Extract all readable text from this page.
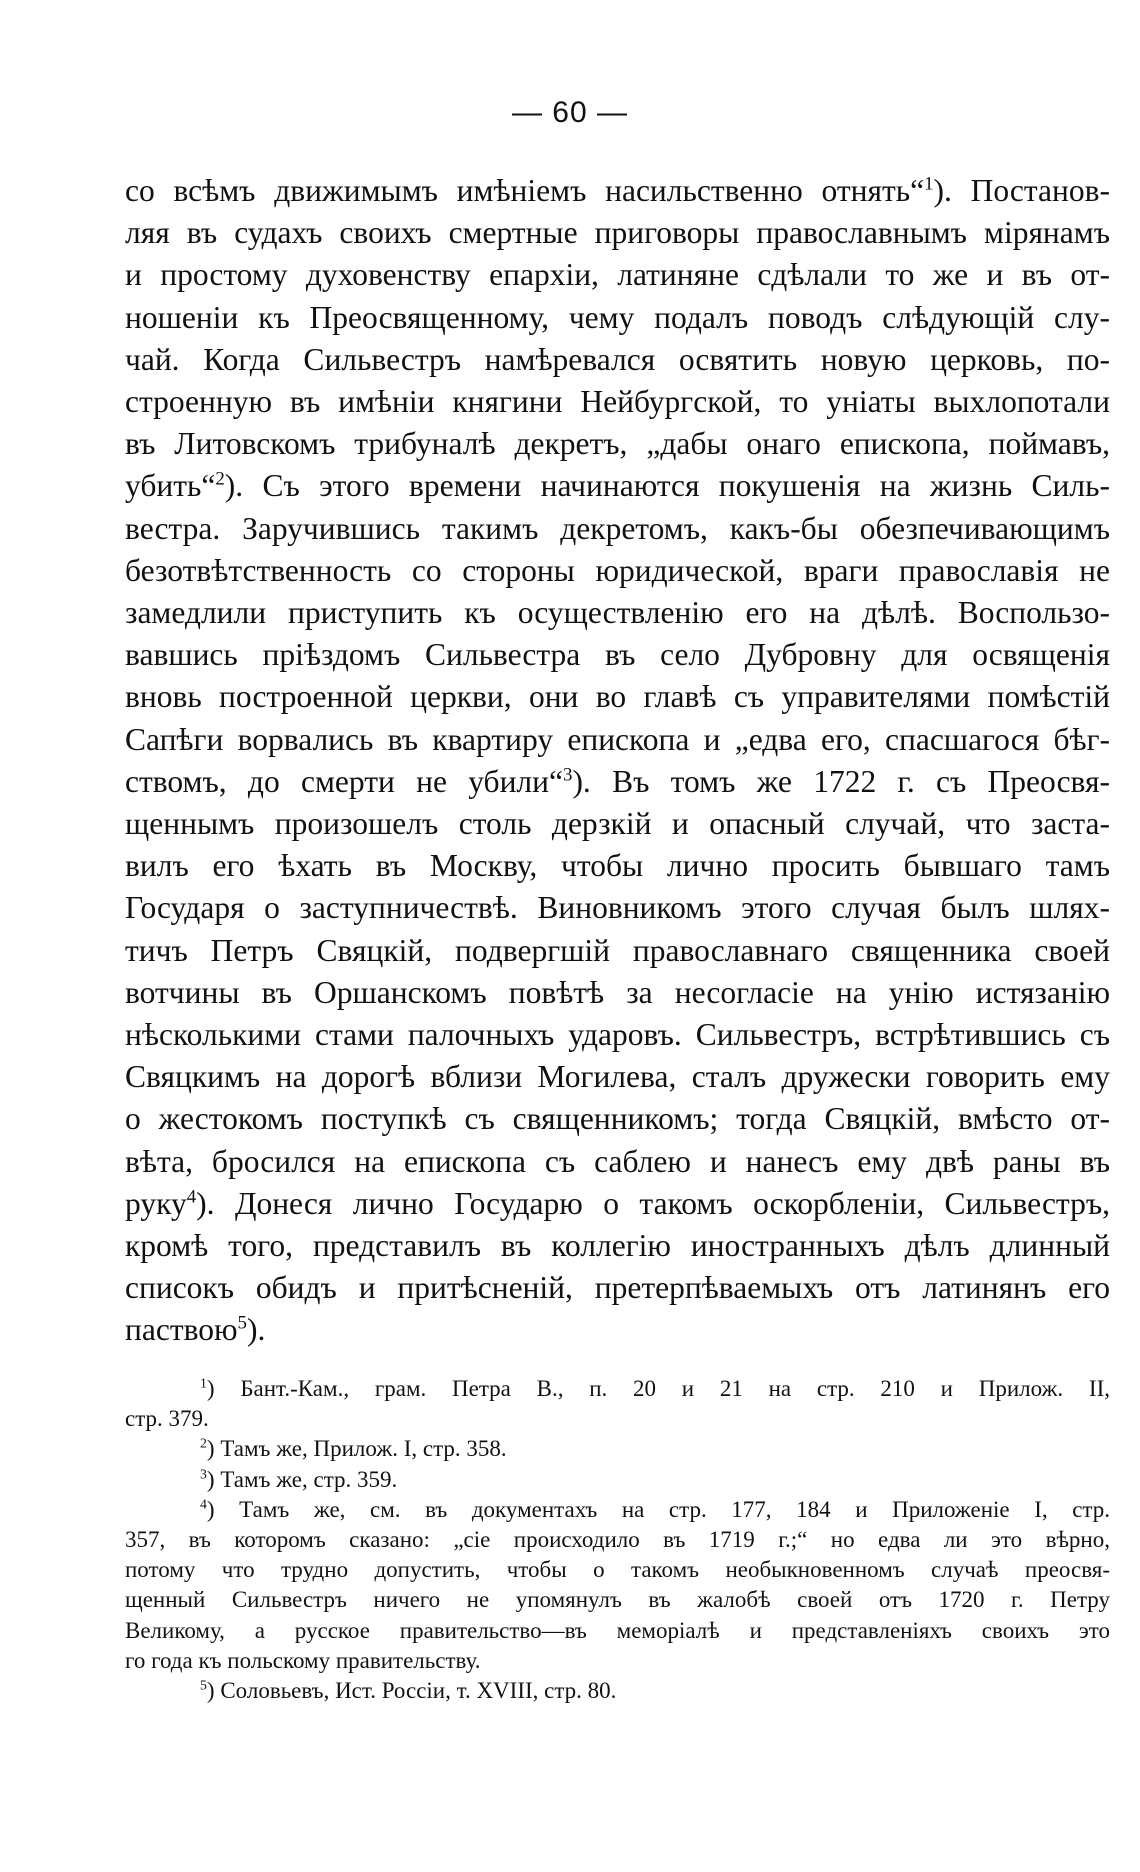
— 60 —
со всѣмъ движимымъ имѣніемъ насильственно отнять“$^1$). Постанов-
ляя въ судахъ своихъ смертные приговоры православнымъ мірянамъ
и простому духовенству епархіи, латиняне сдѣлали то же и въ от-
ношеніи къ Преосвященному, чему подалъ поводъ слѣдующій слу-
чай. Когда Сильвестръ намѣревался освятить новую церковь, по-
строенную въ имѣніи княгини Нейбургской, то уніаты выхлопотали
въ Литовскомъ трибуналѣ декретъ, „дабы онаго епископа, поймавъ,
убить“$^2$). Съ этого времени начинаются покушенія на жизнь Силь-
вестра. Заручившись такимъ декретомъ, какъ-бы обезпечивающимъ
безотвѣтственность со стороны юридической, враги православія не
замедлили приступить къ осуществленію его на дѣлѣ. Воспользо-
вавшись пріѣздомъ Сильвестра въ село Дубровну для освященія
вновь построенной церкви, они во главѣ съ управителями помѣстій
Сапѣги ворвались въ квартиру епископа и „едва его, спасшагося бѣг-
ствомъ, до смерти не убили“$^3$). Въ томъ же 1722 г. съ Преосвя-
щеннымъ произошелъ столь дерзкій и опасный случай, что заста-
вилъ его ѣхать въ Москву, чтобы лично просить бывшаго тамъ
Государя о заступничествѣ. Виновникомъ этого случая былъ шлях-
тичъ Петръ Свяцкій, подвергшій православнаго священника своей
вотчины въ Оршанскомъ повѣтѣ за несогласіе на унію истязанію
нѣсколькими стами палочныхъ ударовъ. Сильвестръ, встрѣтившись съ
Свяцкимъ на дорогѣ вблизи Могилева, сталъ дружески говорить ему
о жестокомъ поступкѣ съ священникомъ; тогда Свяцкій, вмѣсто от-
вѣта, бросился на епископа съ саблею и нанесъ ему двѣ раны въ
руку$^4$). Донеся лично Государю о такомъ оскорбленіи, Сильвестръ,
кромѣ того, представилъ въ коллегію иностранныхъ дѣлъ длинный
списокъ обидъ и притѣсненій, претерпѣваемыхъ отъ латинянъ его
паствою$^5$).
$^1$) Бант.-Кам., грам. Петра В., п. 20 и 21 на стр. 210 и Прилож. II,
стр. 379.
$^2$) Тамъ же, Прилож. I, стр. 358.
$^3$) Тамъ же, стр. 359.
$^4$) Тамъ же, см. въ документахъ на стр. 177, 184 и Приложеніе I, стр.
357, въ которомъ сказано: „сіе происходило въ 1719 г.;“ но едва ли это вѣрно,
потому что трудно допустить, чтобы о такомъ необыкновенномъ случаѣ преосвя-
щенный Сильвестръ ничего не упомянулъ въ жалобѣ своей отъ 1720 г. Петру
Великому, а русское правительство—въ меморіалѣ и представленіяхъ своихъ это
го года къ польскому правительству.
$^5$) Соловьевъ, Ист. Россіи, т. XVIII, стр. 80.
